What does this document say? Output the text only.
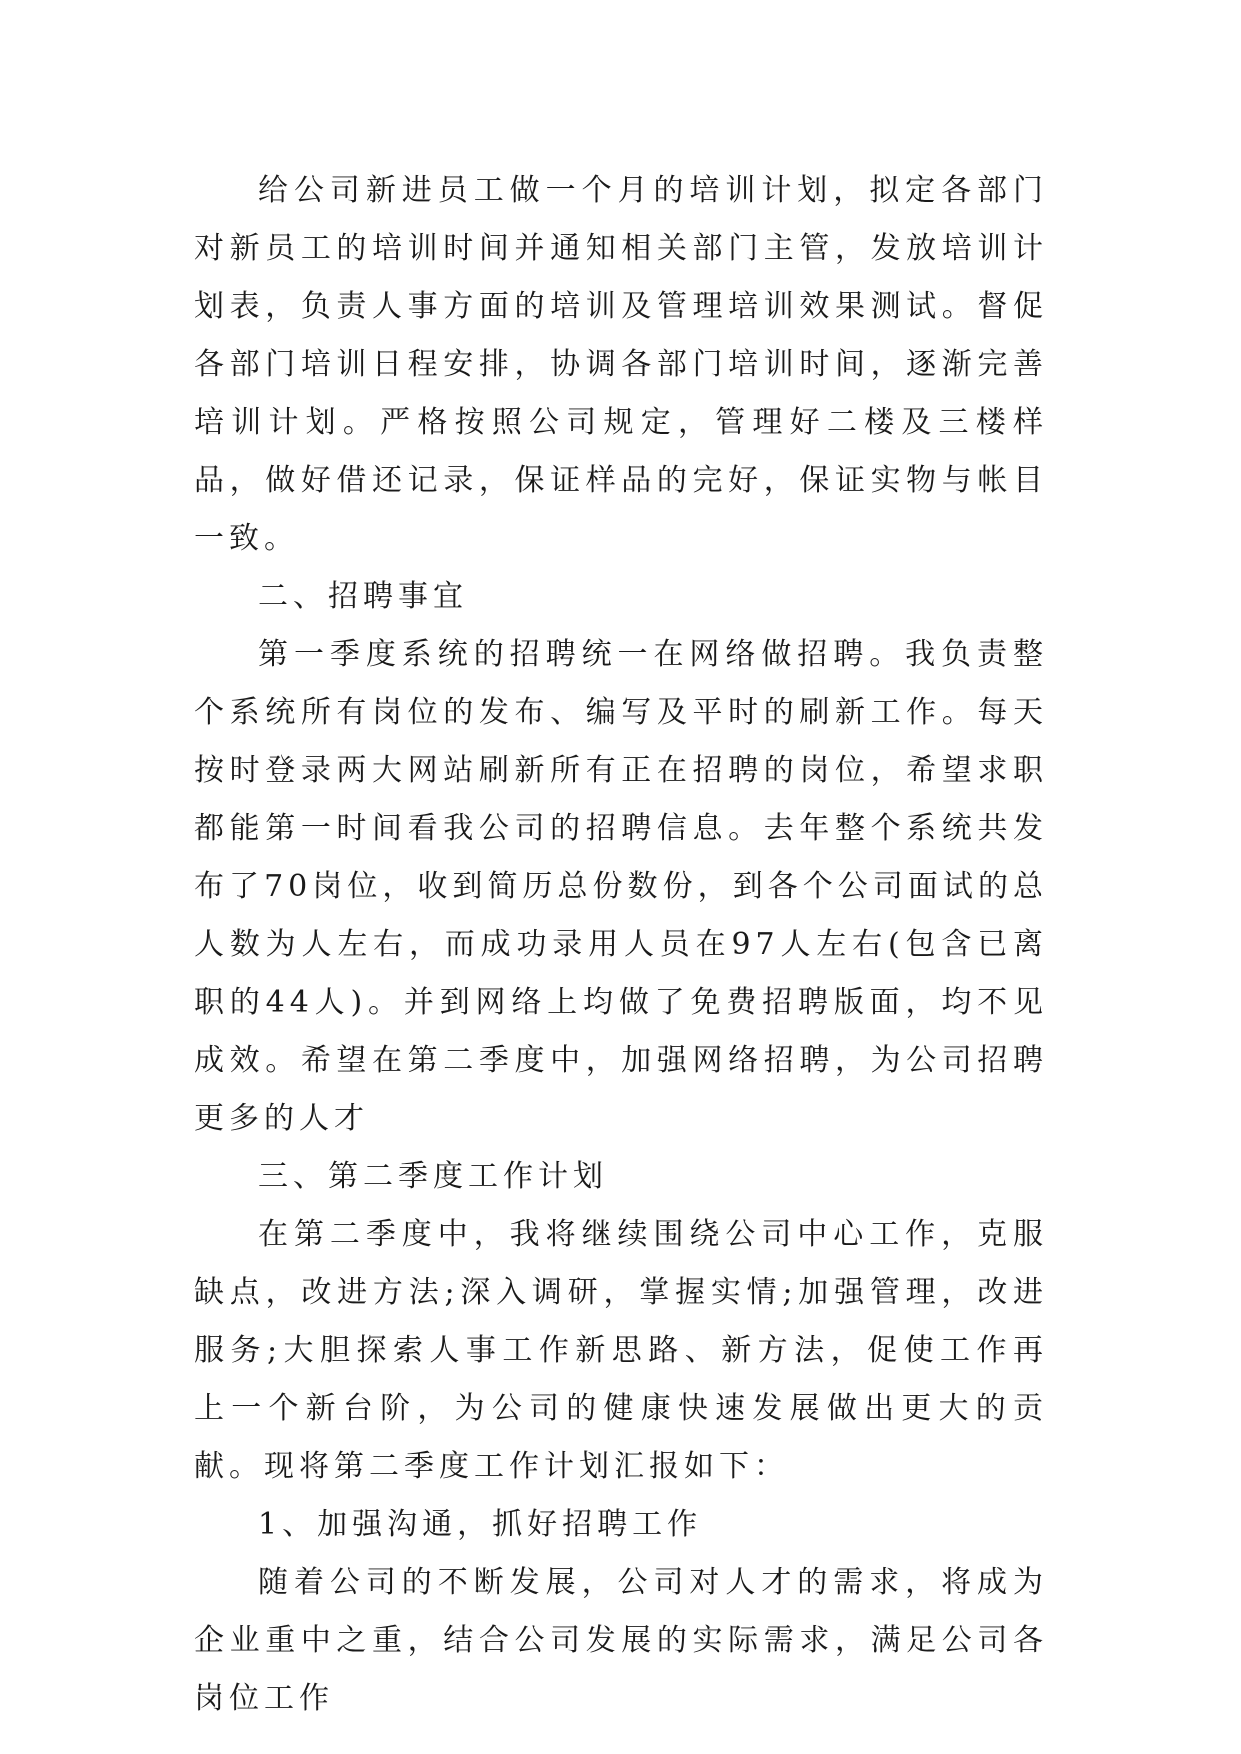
给公司新进员工做一个月的培训计划，拟定各部门对新员工的培训时间并通知相关部门主管，发放培训计划表，负责人事方面的培训及管理培训效果测试。督促各部门培训日程安排，协调各部门培训时间，逐渐完善培训计划。严格按照公司规定，管理好二楼及三楼样品，做好借还记录，保证样品的完好，保证实物与帐目一致。

二、招聘事宜

第一季度系统的招聘统一在网络做招聘。我负责整个系统所有岗位的发布、编写及平时的刷新工作。每天按时登录两大网站刷新所有正在招聘的岗位，希望求职都能第一时间看我公司的招聘信息。去年整个系统共发布了70岗位，收到简历总份数份，到各个公司面试的总人数为人左右，而成功录用人员在97人左右(包含已离职的44人)。并到网络上均做了免费招聘版面，均不见成效。希望在第二季度中，加强网络招聘，为公司招聘更多的人才

三、第二季度工作计划

在第二季度中，我将继续围绕公司中心工作，克服缺点，改进方法;深入调研，掌握实情;加强管理，改进服务;大胆探索人事工作新思路、新方法，促使工作再上一个新台阶，为公司的健康快速发展做出更大的贡献。现将第二季度工作计划汇报如下：

1、加强沟通，抓好招聘工作

随着公司的不断发展，公司对人才的需求，将成为企业重中之重，结合公司发展的实际需求，满足公司各岗位工作
